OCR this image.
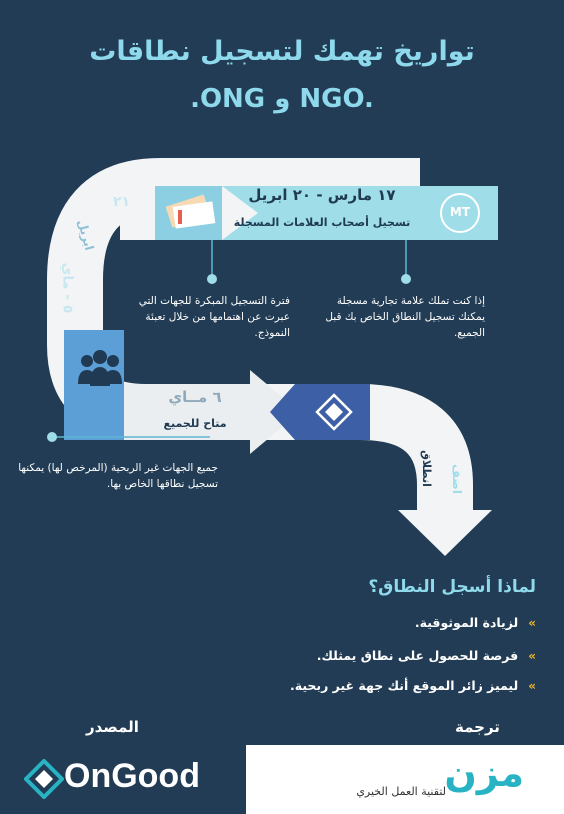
تواريخ تهمك لتسجيل نطاقات
.ONG و NGO.
MT
١٧ مارس - ٢٠ ابريل
تسجيل أصحاب العلامات المسجلة
٢١
ابريل
٥ - ماي
٦ مــاي
متاح للجميع
انطلاق اضف
إذا كنت تملك علامة تجارية مسجلة يمكنك تسجيل النطاق الخاص بك قبل الجميع.
فترة التسجيل المبكرة للجهات التي عبرت عن اهتمامها من خلال تعبئة النموذج.
جميع الجهات غير الربحية (المرخص لها) يمكنها تسجيل نطاقها الخاص بها.
لماذا أسجل النطاق؟
»لزيادة الموثوقية.
»فرصة للحصول على نطاق يمثلك.
»ليميز زائر الموقع أنك جهة غير ربحية.
المصدر	ترجمة
OnGood	مزن
لتقنية العمل الخيري
